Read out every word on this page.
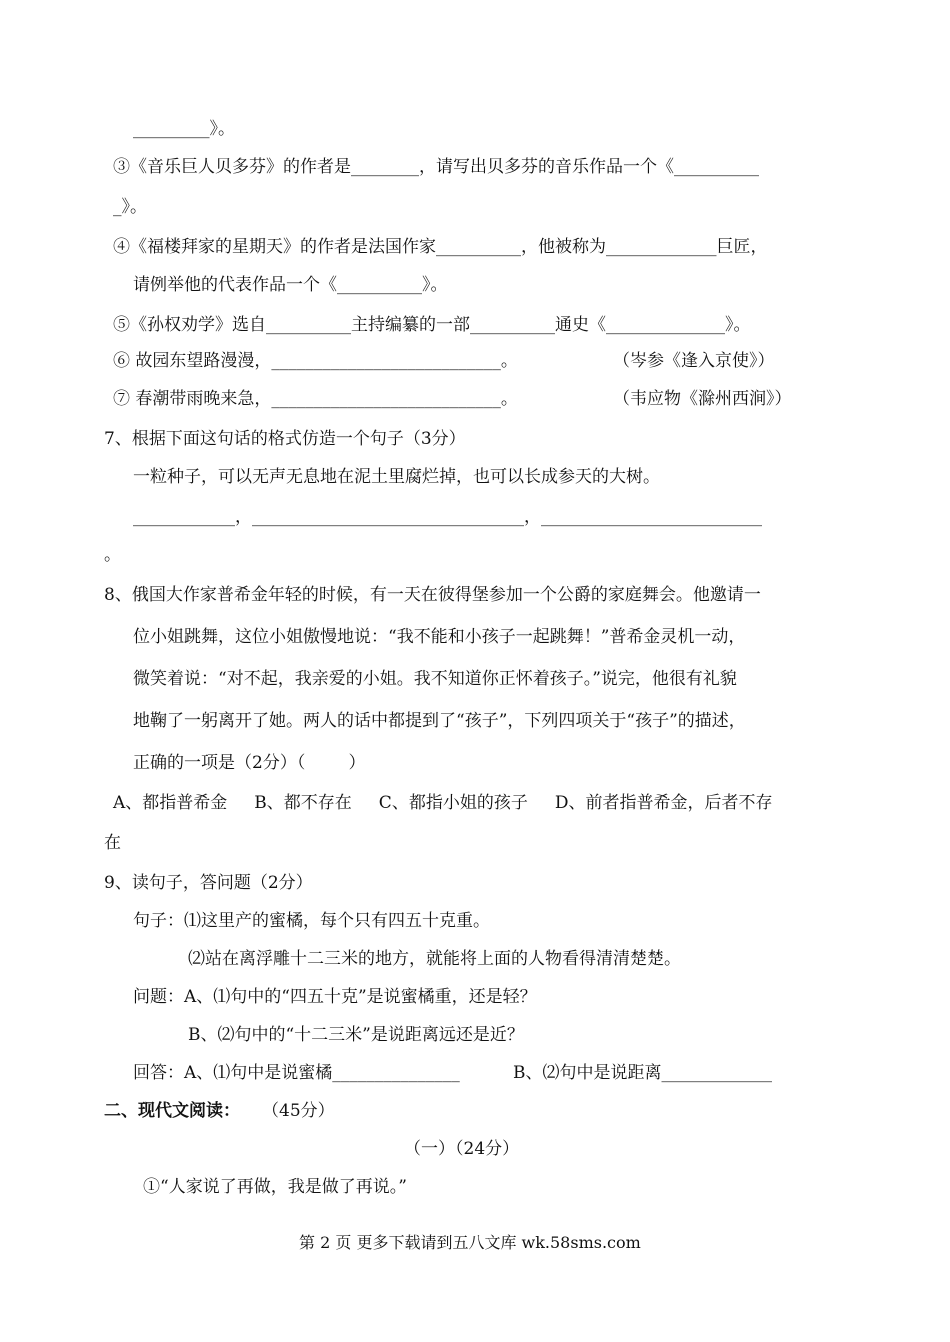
_________》。
③《音乐巨人贝多芬》的作者是________，请写出贝多芬的音乐作品一个《__________
_》。
④《福楼拜家的星期天》的作者是法国作家__________，他被称为_____________巨匠，
请例举他的代表作品一个《__________》。
⑤《孙权劝学》选自__________主持编纂的一部__________通史《______________》。
⑥ 故园东望路漫漫，___________________________。	（岑参《逢入京使》）
⑦ 春潮带雨晚来急，___________________________。	（韦应物《滁州西涧》）
7、根据下面这句话的格式仿造一个句子（3分）
一粒种子，可以无声无息地在泥土里腐烂掉，也可以长成参天的大树。
____________，________________________________，__________________________
。
8、俄国大作家普希金年轻的时候，有一天在彼得堡参加一个公爵的家庭舞会。他邀请一
位小姐跳舞，这位小姐傲慢地说：“我不能和小孩子一起跳舞！”普希金灵机一动，
微笑着说：“对不起，我亲爱的小姐。我不知道你正怀着孩子。”说完，他很有礼貌
地鞠了一躬离开了她。两人的话中都提到了“孩子”，下列四项关于“孩子”的描述，
正确的一项是（2分）（        ）
A、都指普希金     B、都不存在     C、都指小姐的孩子     D、前者指普希金，后者不存
在
9、读句子，答问题（2分）
句子：⑴这里产的蜜橘，每个只有四五十克重。
⑵站在离浮雕十二三米的地方，就能将上面的人物看得清清楚楚。
问题：A、⑴句中的“四五十克”是说蜜橘重，还是轻？
B、⑵句中的“十二三米”是说距离远还是近？
回答：A、⑴句中是说蜜橘_______________	B、⑵句中是说距离_____________
二、现代文阅读： （45分）
（一）（24分）
①“人家说了再做，我是做了再说。”
第 2 页 更多下载请到五八文库 wk.58sms.com
